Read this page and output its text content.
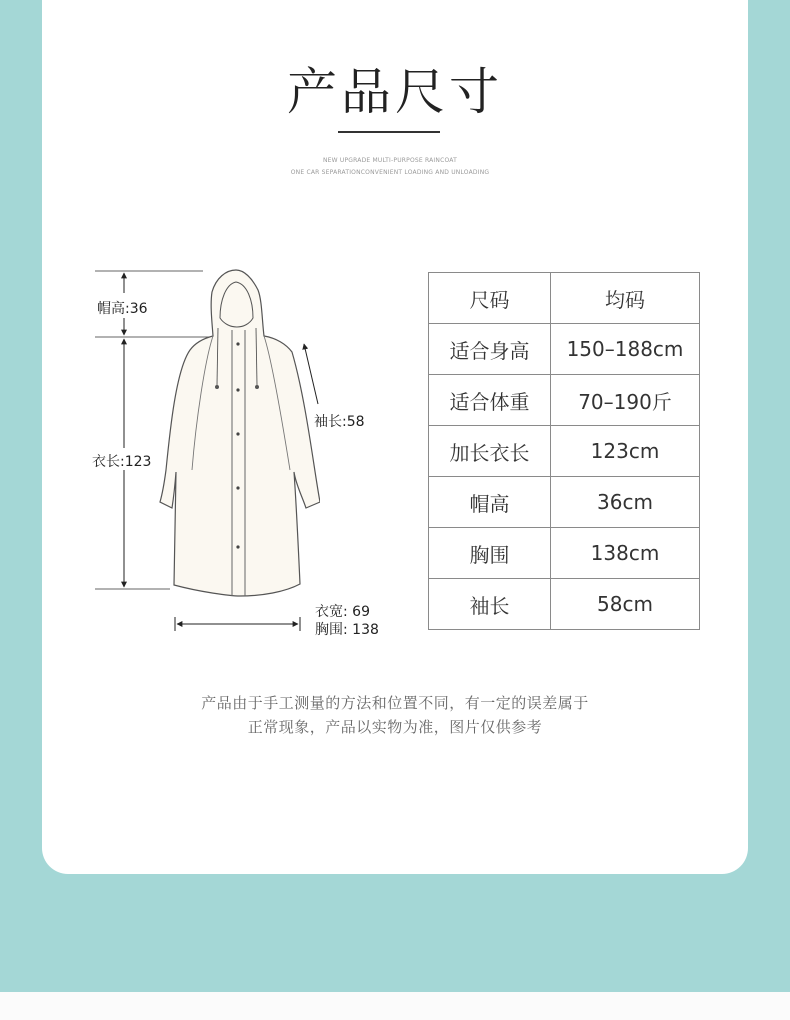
产品尺寸
NEW UPGRADE MULTI-PURPOSE RAINCOAT
ONE CAR SEPARATIONCONVENIENT LOADING AND UNLOADING
帽高:36
衣长:123
袖长:58
衣宽: 69
胸围: 138
尺码	均码
适合身高	150–188cm
适合体重	70–190斤
加长衣长	123cm
帽高	36cm
胸围	138cm
袖长	58cm
产品由于手工测量的方法和位置不同，有一定的误差属于
正常现象，产品以实物为准，图片仅供参考
